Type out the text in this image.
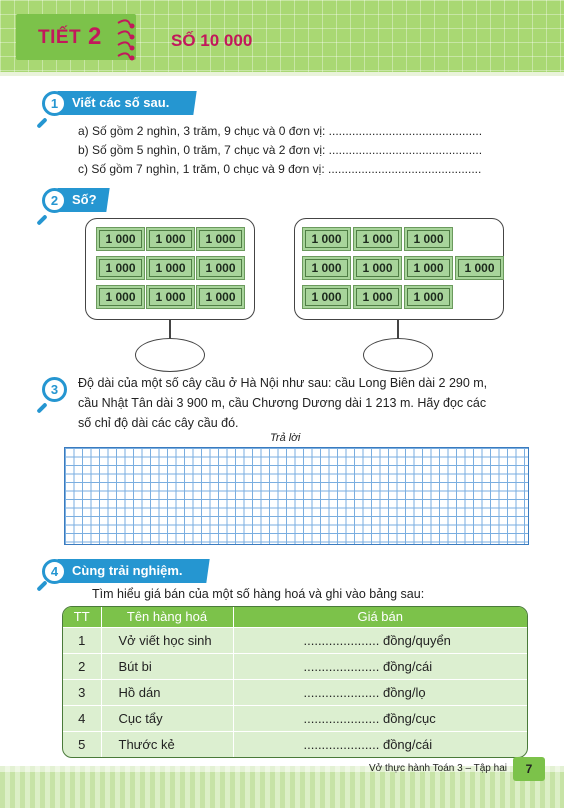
TIẾT 2	SỐ 10 000
Viết các số sau.
1
a) Số gồm 2 nghìn, 3 trăm, 9 chục và 0 đơn vị: ..............................................
b) Số gồm 5 nghìn, 0 trăm, 7 chục và 2 đơn vị: ..............................................
c) Số gồm 7 nghìn, 1 trăm, 0 chục và 9 đơn vị: ..............................................
Số?
2
1 000	1 000	1 000
1 000	1 000	1 000
1 000	1 000	1 000
1 000	1 000	1 000
1 000	1 000	1 000	1 000
1 000	1 000	1 000
3	Độ dài của một số cây cầu ở Hà Nội như sau: cầu Long Biên dài 2 290 m,
cầu Nhật Tân dài 3 900 m, cầu Chương Dương dài 1 213 m. Hãy đọc các
số chỉ độ dài các cây cầu đó.
Trả lời
Cùng trải nghiệm.
4
Tìm hiểu giá bán của một số hàng hoá và ghi vào bảng sau:
TT	Tên hàng hoá	Giá bán
1	Vở viết học sinh	..................... đồng/quyển
2	Bút bi	..................... đồng/cái
3	Hồ dán	..................... đồng/lọ
4	Cục tẩy	..................... đồng/cục
5	Thước kẻ	..................... đồng/cái
Vở thực hành Toán 3 – Tập hai	7
